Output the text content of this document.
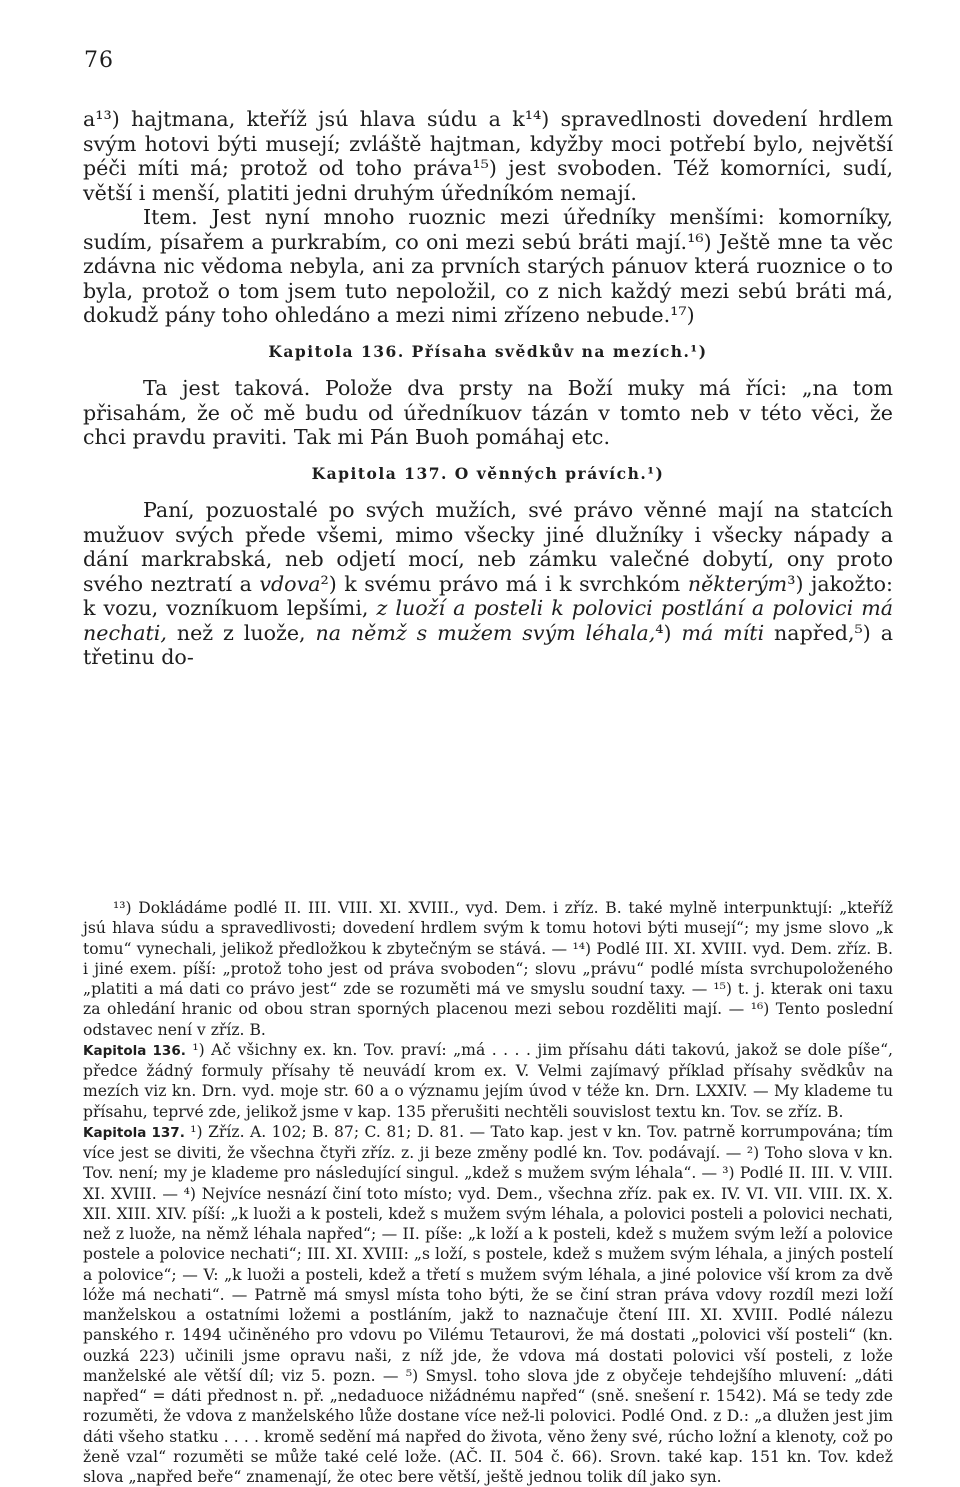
76

a¹³) hajtmana, kteříž jsú hlava súdu a k¹⁴) spravedlnosti dovedení hrdlem svým hotovi býti musejí; zvláště hajtman, kdyžby moci potřebí bylo, největší péči míti má; protož od toho práva¹⁵) jest svoboden. Též komorníci, sudí, větší i menší, platiti jedni druhým úředníkóm nemají.

Item. Jest nyní mnoho ruoznic mezi úředníky menšími: komorníky, sudím, písařem a purkrabím, co oni mezi sebú bráti mají.¹⁶) Ještě mne ta věc zdávna nic vědoma nebyla, ani za prvních starých pánuov která ruoznice o to byla, protož o tom jsem tuto nepoložil, co z nich každý mezi sebú bráti má, dokudž pány toho ohledáno a mezi nimi zřízeno nebude.¹⁷)

Kapitola 136. Přísaha svědkův na mezích.¹)

Ta jest taková. Polože dva prsty na Boží muky má říci: „na tom přisahám, že oč mě budu od úředníkuov tázán v tomto neb v této věci, že chci pravdu praviti. Tak mi Pán Buoh pomáhaj etc.

Kapitola 137. O věnných právích.¹)

Paní, pozuostalé po svých mužích, své právo věnné mají na statcích mužuov svých přede všemi, mimo všecky jiné dlužníky i všecky nápady a dání markrabská, neb odjetí mocí, neb zámku valečné dobytí, ony proto svého neztratí a vdova²) k svému právo má i k svrchkóm některým³) jakožto: k vozu, vozníkuom lepšími, z luoží a posteli k polovici postlání a polovici má nechati, než z luože, na němž s mužem svým léhala,⁴) má míti napřed,⁵) a třetinu do-

¹³) Dokládáme podlé II. III. VIII. XI. XVIII., vyd. Dem. i zříz. B. také mylně interpunktují: „kteříž jsú hlava súdu a spravedlivosti; dovedení hrdlem svým k tomu hotovi býti musejí“; my jsme slovo „k tomu“ vynechali, jelikož předložkou k zbytečným se stává. — ¹⁴) Podlé III. XI. XVIII. vyd. Dem. zříz. B. i jiné exem. píší: „protož toho jest od práva svoboden“; slovu „právu“ podlé místa svrchupoloženého „platiti a má dati co právo jest“ zde se rozuměti má ve smyslu soudní taxy. — ¹⁵) t. j. kterak oni taxu za ohledání hranic od obou stran sporných placenou mezi sebou rozděliti mají. — ¹⁶) Tento poslední odstavec není v zříz. B.

Kapitola 136. ¹) Ač všichny ex. kn. Tov. praví: „má . . . . jim přísahu dáti takovú, jakož se dole píše“, předce žádný formuly přísahy tě neuvádí krom ex. V. Velmi zajímavý příklad přísahy svědkův na mezích viz kn. Drn. vyd. moje str. 60 a o významu jejím úvod v téže kn. Drn. LXXIV. — My klademe tu přísahu, teprvé zde, jelikož jsme v kap. 135 přerušiti nechtěli souvislost textu kn. Tov. se zříz. B.

Kapitola 137. ¹) Zříz. A. 102; B. 87; C. 81; D. 81. — Tato kap. jest v kn. Tov. patrně korrumpována; tím více jest se diviti, že všechna čtyři zříz. z. ji beze změny podlé kn. Tov. podávají. — ²) Toho slova v kn. Tov. není; my je klademe pro následující singul. „kdež s mužem svým léhala“. — ³) Podlé II. III. V. VIII. XI. XVIII. — ⁴) Nejvíce nesnází činí toto místo; vyd. Dem., všechna zříz. pak ex. IV. VI. VII. VIII. IX. X. XII. XIII. XIV. píší: „k luoži a k posteli, kdež s mužem svým léhala, a polovici posteli a polovici nechati, než z luože, na němž léhala napřed“; — II. píše: „k loží a k posteli, kdež s mužem svým leží a polovice postele a polovice nechati“; III. XI. XVIII: „s loží, s postele, kdež s mužem svým léhala, a jiných postelí a polovice“; — V: „k luoži a posteli, kdež a třetí s mužem svým léhala, a jiné polovice vší krom za dvě lóže má nechati“. — Patrně má smysl místa toho býti, že se činí stran práva vdovy rozdíl mezi loží manželskou a ostatními ložemi a postláním, jakž to naznačuje čtení III. XI. XVIII. Podlé nálezu panského r. 1494 učiněného pro vdovu po Vilému Tetaurovi, že má dostati „polovici vší posteli“ (kn. ouzká 223) učinili jsme opravu naši, z níž jde, že vdova má dostati polovici vší posteli, z lože manželské ale větší díl; viz 5. pozn. — ⁵) Smysl. toho slova jde z obyčeje tehdejšího mluvení: „dáti napřed“ = dáti přednost n. př. „nedaduoce nižádnému napřed“ (sně. snešení r. 1542). Má se tedy zde rozuměti, že vdova z manželského lůže dostane více než-li polovici. Podlé Ond. z D.: „a dlužen jest jim dáti všeho statku . . . . kromě sedění má napřed do života, věno ženy své, rúcho ložní a klenoty, což po ženě vzal“ rozuměti se může také celé lože. (AČ. II. 504 č. 66). Srovn. také kap. 151 kn. Tov. kdež slova „napřed beře“ znamenají, že otec bere větší, ještě jednou tolik díl jako syn.
